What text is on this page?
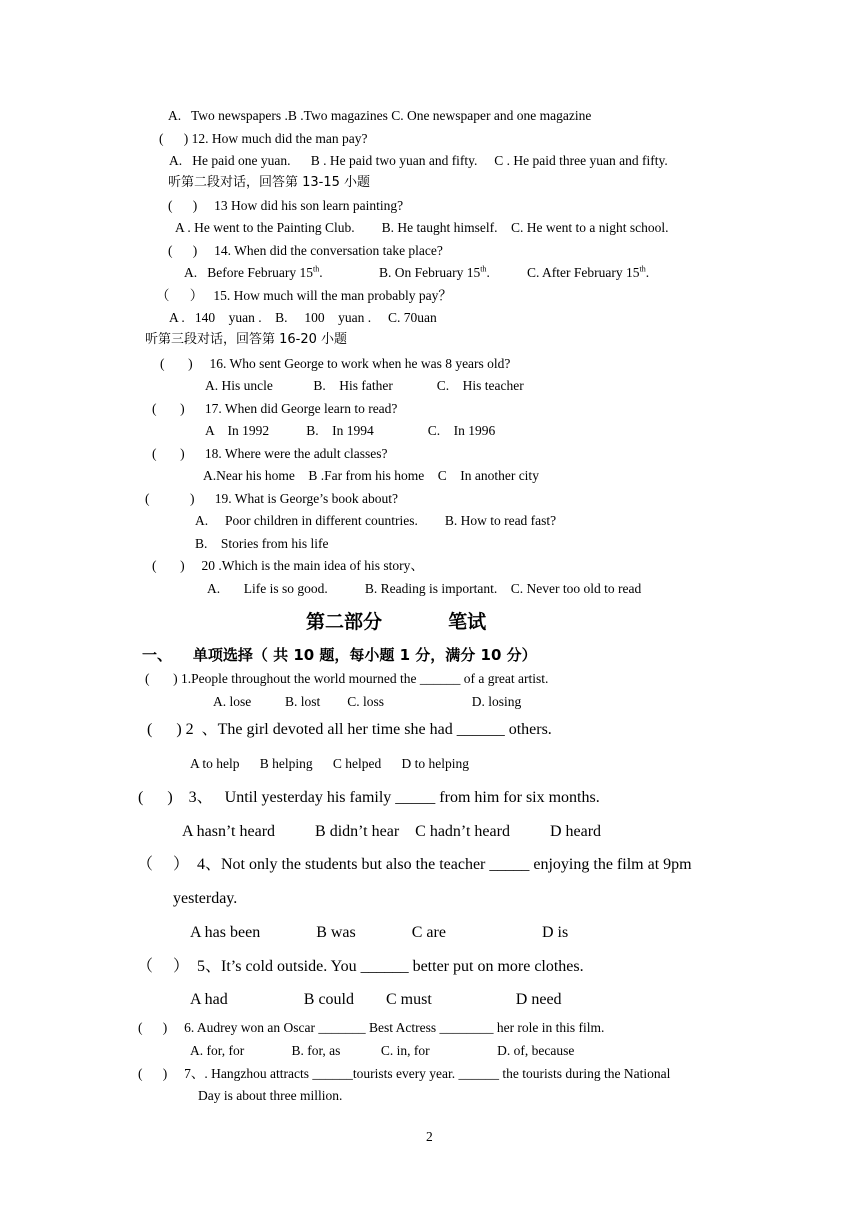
A.   Two newspapers .B .Two magazines C. One newspaper and one magazine
(      ) 12. How much did the man pay?
A.   He paid one yuan.      B . He paid two yuan and fifty.     C . He paid three yuan and fifty.
听第二段对话，回答第 13-15 小题
(      )     13 How did his son learn painting?
A . He went to the Painting Club.        B. He taught himself.    C. He went to a night school.
(      )     14. When did the conversation take place?
A.   Before February 15th.	B. On February 15th.	C. After February 15th.
（      ）   15. How much will the man probably pay？
A .   140    yuan .    B.     100    yuan .     C. 70uan
听第三段对话，回答第 16-20 小题
(       )     16. Who sent George to work when he was 8 years old?
A. His uncle            B.    His father             C.    His teacher
(       )      17. When did George learn to read?
A    In 1992           B.    In 1994                C.    In 1996
(       )      18. Where were the adult classes?
A.Near his home    B .Far from his home    C    In another city
(            )      19. What is George’s book about?
A.     Poor children in different countries.        B. How to read fast?
B.    Stories from his life
(       )     20 .Which is the main idea of his story、
A.       Life is so good.           B. Reading is important.    C. Never too old to read
第二部分          笔试
一、    单项选择（ 共 10 题，每小题 1 分，满分 10 分）
(       ) 1.People throughout the world mourned the ______ of a great artist.
A. lose          B. lost        C. loss                          D. losing
(      ) 2  、The girl devoted all her time she had ______ others.
A to help      B helping      C helped      D to helping
(      )    3、   Until yesterday his family _____ from him for six months.
A hasn’t heard          B didn’t hear    C hadn’t heard          D heard
（     ）  4、Not only the students but also the teacher _____ enjoying the film at 9pm
yesterday.
A has been              B was              C are                        D is
（     ）  5、It’s cold outside. You ______ better put on more clothes.
A had                   B could        C must                     D need
(      )     6. Audrey won an Oscar _______ Best Actress ________ her role in this film.
A. for, for              B. for, as            C. in, for                    D. of, because
(      )     7、. Hangzhou attracts ______tourists every year. ______ the tourists during the National
Day is about three million.
2
